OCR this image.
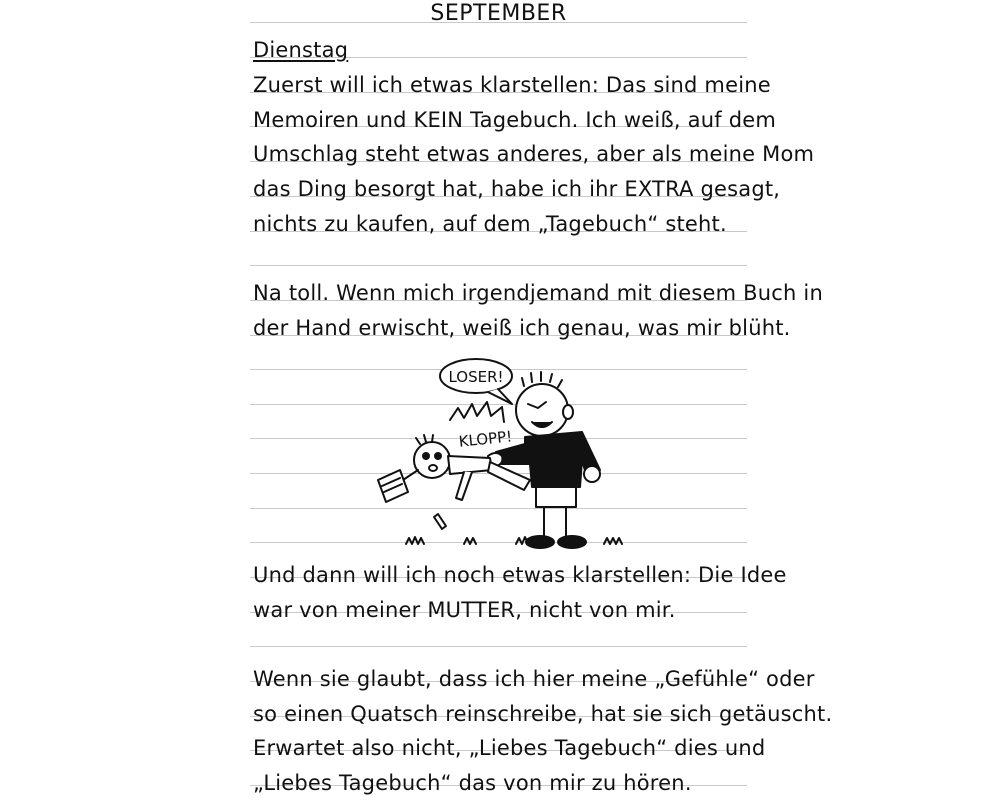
SEPTEMBER
Dienstag
Zuerst will ich etwas klarstellen: Das sind meine
Memoiren und KEIN Tagebuch. Ich weiß, auf dem
Umschlag steht etwas anderes, aber als meine Mom
das Ding besorgt hat, habe ich ihr EXTRA gesagt,
nichts zu kaufen, auf dem „Tagebuch“ steht.
Na toll. Wenn mich irgendjemand mit diesem Buch in
der Hand erwischt, weiß ich genau, was mir blüht.
LOSER!
KLOPP!
Und dann will ich noch etwas klarstellen: Die Idee
war von meiner MUTTER, nicht von mir.
Wenn sie glaubt, dass ich hier meine „Gefühle“ oder
so einen Quatsch reinschreibe, hat sie sich getäuscht.
Erwartet also nicht, „Liebes Tagebuch“ dies und
„Liebes Tagebuch“ das von mir zu hören.
